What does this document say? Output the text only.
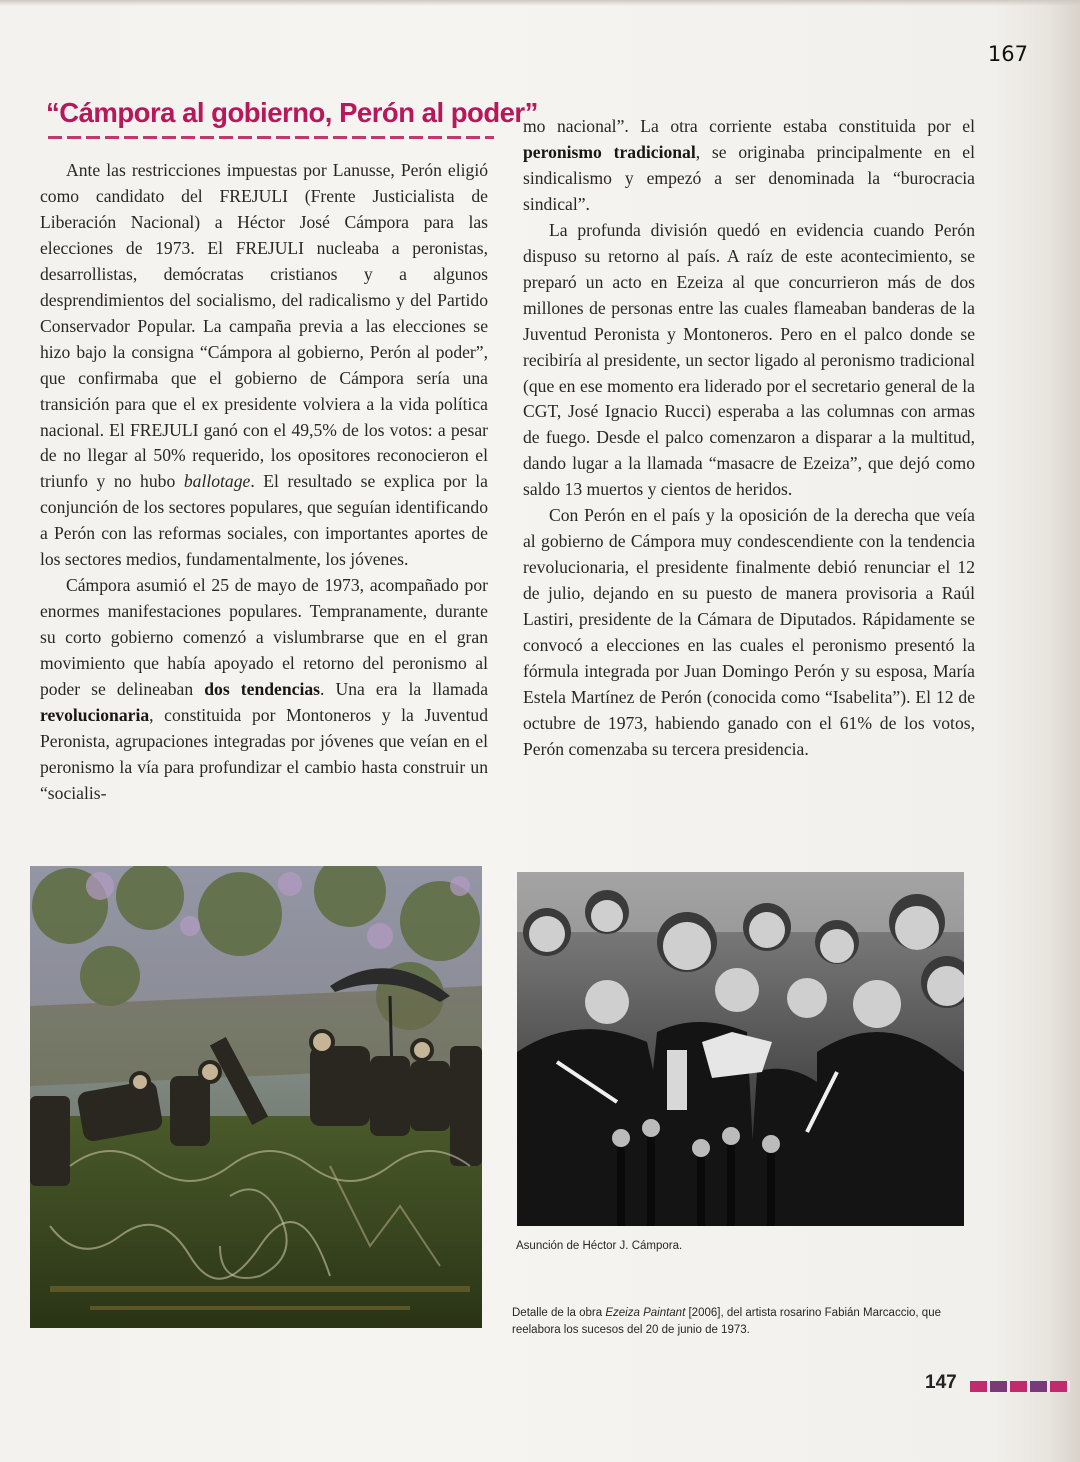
167
“Cámpora al gobierno, Perón al poder”

Ante las restricciones impuestas por Lanusse, Perón eligió como candidato del FREJULI (Frente Justicialista de Liberación Nacional) a Héctor José Cámpora para las elecciones de 1973. El FREJULI nucleaba a peronistas, desarrollistas, demócratas cristianos y a algunos desprendimientos del socialismo, del radicalismo y del Partido Conservador Popular. La campaña previa a las elecciones se hizo bajo la consigna “Cámpora al gobierno, Perón al poder”, que confirmaba que el gobierno de Cámpora sería una transición para que el ex presidente volviera a la vida política nacional. El FREJULI ganó con el 49,5% de los votos: a pesar de no llegar al 50% requerido, los opositores reconocieron el triunfo y no hubo ballotage. El resultado se explica por la conjunción de los sectores populares, que seguían identificando a Perón con las reformas sociales, con importantes aportes de los sectores medios, fundamentalmente, los jóvenes.

Cámpora asumió el 25 de mayo de 1973, acompañado por enormes manifestaciones populares. Tempranamente, durante su corto gobierno comenzó a vislumbrarse que en el gran movimiento que había apoyado el retorno del peronismo al poder se delineaban dos tendencias. Una era la llamada revolucionaria, constituida por Montoneros y la Juventud Peronista, agrupaciones integradas por jóvenes que veían en el peronismo la vía para profundizar el cambio hasta construir un “socialis-

mo nacional”. La otra corriente estaba constituida por el peronismo tradicional, se originaba principalmente en el sindicalismo y empezó a ser denominada la “burocracia sindical”.

La profunda división quedó en evidencia cuando Perón dispuso su retorno al país. A raíz de este acontecimiento, se preparó un acto en Ezeiza al que concurrieron más de dos millones de personas entre las cuales flameaban banderas de la Juventud Peronista y Montoneros. Pero en el palco donde se recibiría al presidente, un sector ligado al peronismo tradicional (que en ese momento era liderado por el secretario general de la CGT, José Ignacio Rucci) esperaba a las columnas con armas de fuego. Desde el palco comenzaron a disparar a la multitud, dando lugar a la llamada “masacre de Ezeiza”, que dejó como saldo 13 muertos y cientos de heridos.

Con Perón en el país y la oposición de la derecha que veía al gobierno de Cámpora muy condescendiente con la tendencia revolucionaria, el presidente finalmente debió renunciar el 12 de julio, dejando en su puesto de manera provisoria a Raúl Lastiri, presidente de la Cámara de Diputados. Rápidamente se convocó a elecciones en las cuales el peronismo presentó la fórmula integrada por Juan Domingo Perón y su esposa, María Estela Martínez de Perón (conocida como “Isabelita”). El 12 de octubre de 1973, habiendo ganado con el 61% de los votos, Perón comenzaba su tercera presidencia.

Asunción de Héctor J. Cámpora.

Detalle de la obra Ezeiza Paintant [2006], del artista rosarino Fabián Marcaccio, que reelabora los sucesos del 20 de junio de 1973.

147
